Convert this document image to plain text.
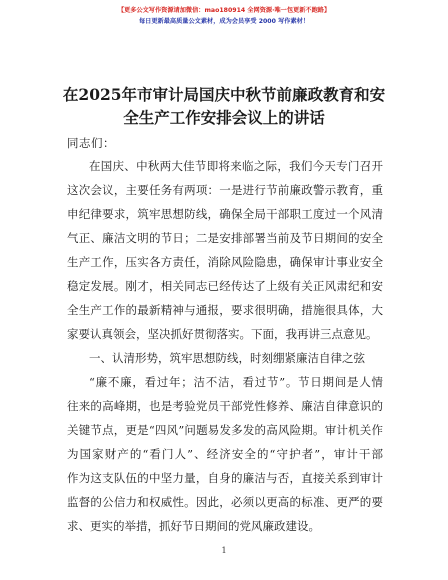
【更多公文写作资源请加微信：mao180914 全网资源·唯一包更新不跑路】
每日更新最高质量公文素材，成为会员享受 2000 写作素材！
在2025年市审计局国庆中秋节前廉政教育和安
全生产工作安排会议上的讲话
同志们：
在国庆、中秋两大佳节即将来临之际，我们今天专门召开
这次会议，主要任务有两项：一是进行节前廉政警示教育，重
申纪律要求，筑牢思想防线，确保全局干部职工度过一个风清
气正、廉洁文明的节日；二是安排部署当前及节日期间的安全
生产工作，压实各方责任，消除风险隐患，确保审计事业安全
稳定发展。刚才，相关同志已经传达了上级有关正风肃纪和安
全生产工作的最新精神与通报，要求很明确，措施很具体，大
家要认真领会，坚决抓好贯彻落实。下面，我再讲三点意见。
一、认清形势，筑牢思想防线，时刻绷紧廉洁自律之弦
“廉不廉，看过年；洁不洁，看过节”。节日期间是人情
往来的高峰期，也是考验党员干部党性修养、廉洁自律意识的
关键节点，更是“四风”问题易发多发的高风险期。审计机关作
为国家财产的“看门人”、经济安全的“守护者”，审计干部
作为这支队伍的中坚力量，自身的廉洁与否，直接关系到审计
监督的公信力和权威性。因此，必须以更高的标准、更严的要
求、更实的举措，抓好节日期间的党风廉政建设。
1
